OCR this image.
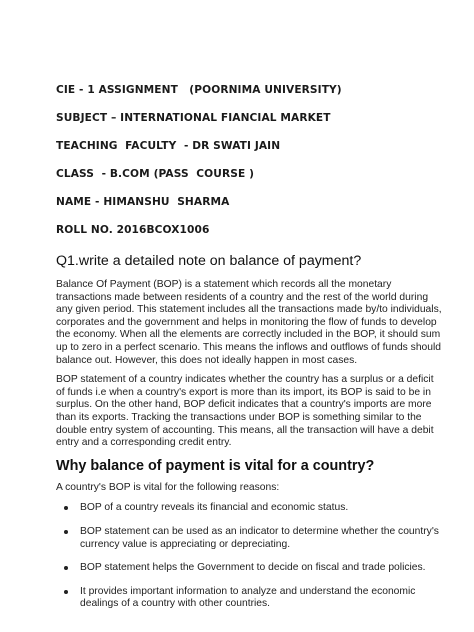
CIE - 1 ASSIGNMENT   (POORNIMA UNIVERSITY)

SUBJECT – INTERNATIONAL FIANCIAL MARKET

TEACHING  FACULTY  - DR SWATI JAIN

CLASS  - B.COM (PASS  COURSE )

NAME - HIMANSHU  SHARMA

ROLL NO. 2016BCOX1006

Q1.write a detailed note on balance of payment?

Balance Of Payment (BOP) is a statement which records all the monetary transactions made between residents of a country and the rest of the world during any given period. This statement includes all the transactions made by/to individuals, corporates and the government and helps in monitoring the flow of funds to develop the economy. When all the elements are correctly included in the BOP, it should sum up to zero in a perfect scenario. This means the inflows and outflows of funds should balance out. However, this does not ideally happen in most cases.

BOP statement of a country indicates whether the country has a surplus or a deficit of funds i.e when a country's export is more than its import, its BOP is said to be in surplus. On the other hand, BOP deficit indicates that a country's imports are more than its exports. Tracking the transactions under BOP is something similar to the double entry system of accounting. This means, all the transaction will have a debit entry and a corresponding credit entry.

Why balance of payment is vital for a country?

A country's BOP is vital for the following reasons:

BOP of a country reveals its financial and economic status.
BOP statement can be used as an indicator to determine whether the country's currency value is appreciating or depreciating.
BOP statement helps the Government to decide on fiscal and trade policies.
It provides important information to analyze and understand the economic dealings of a country with other countries.
